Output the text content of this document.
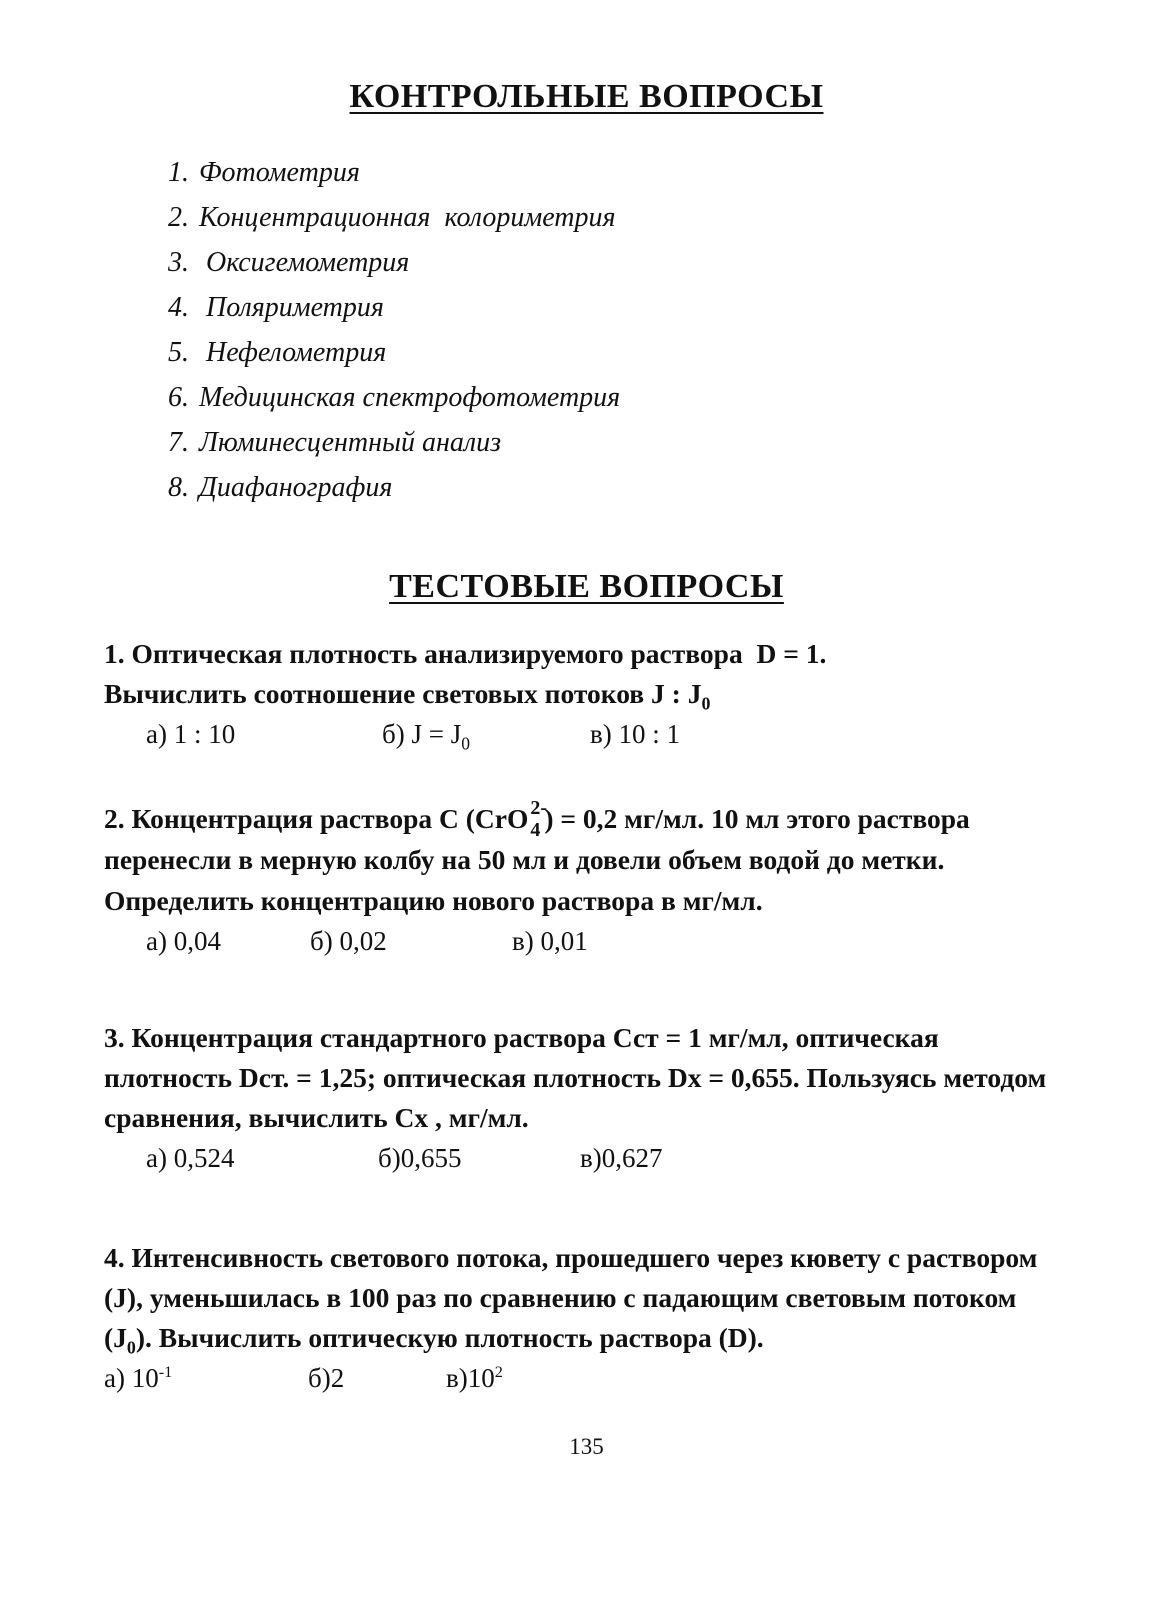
КОНТРОЛЬНЫЕ ВОПРОСЫ
1. Фотометрия
2. Концентрационная  колориметрия
3. Оксигемометрия
4. Поляриметрия
5. Нефелометрия
6. Медицинская спектрофотометрия
7. Люминесцентный анализ
8. Диафанография
ТЕСТОВЫЕ ВОПРОСЫ

1. Оптическая плотность анализируемого раствора  D = 1.
Вычислить соотношение световых потоков J : $J_0$

а) 1 : 10	б) $J = J_0$	в) 10 : 1

2. Концентрация раствора С (CrO 2-
4 ) = 0,2 мг/мл. 10 мл этого раствора перенесли в мерную колбу на 50 мл и довели объем водой до метки. Определить концентрацию нового раствора в мг/мл.

а) 0,04	б) 0,02	в) 0,01

3. Концентрация стандартного раствора Сст = 1 мг/мл, оптическая плотность Dст. = 1,25; оптическая плотность Dx = 0,655. Пользуясь методом сравнения, вычислить Сх , мг/мл.

а) 0,524	б)0,655	в)0,627

4. Интенсивность светового потока, прошедшего через кювету с раствором (J), уменьшилась в 100 раз по сравнению с падающим световым потоком $(J_0)$. Вычислить оптическую плотность раствора (D).

а) $10^{-1}$	б)2	$в)10^2$
135
